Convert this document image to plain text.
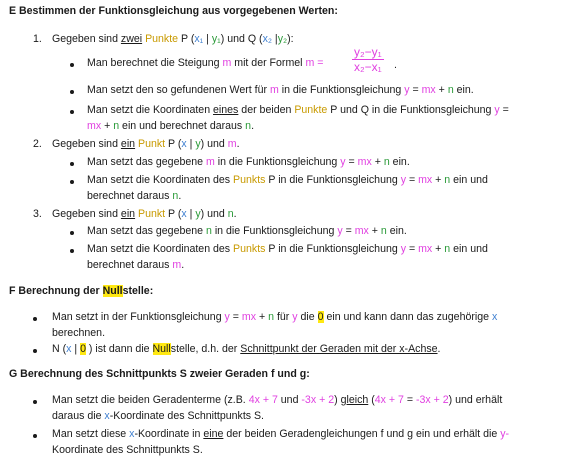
E Bestimmen der Funktionsgleichung aus vorgegebenen Werten:
1. Gegeben sind zwei Punkte P (x₁ | y₁) und Q (x₂ |y₂):
Man berechnet die Steigung m mit der Formel $m = \frac{\text{y₂−y₁}}{\text{x₂−x₁}}$ .
Man setzt den so gefundenen Wert für m in die Funktionsgleichung y = mx + n ein.
Man setzt die Koordinaten eines der beiden Punkte P und Q in die Funktionsgleichung y =
mx + n ein und berechnet daraus n.
2. Gegeben sind ein Punkt P (x | y) und m.
Man setzt das gegebene m in die Funktionsgleichung y = mx + n ein.
Man setzt die Koordinaten des Punkts P in die Funktionsgleichung y = mx + n ein und
berechnet daraus n.
3. Gegeben sind ein Punkt P (x | y) und n.
Man setzt das gegebene n in die Funktionsgleichung y = mx + n ein.
Man setzt die Koordinaten des Punkts P in die Funktionsgleichung y = mx + n ein und
berechnet daraus m.
F Berechnung der Nullstelle:
Man setzt in der Funktionsgleichung y = mx + n für y die 0 ein und kann dann das zugehörige x
berechnen.
N (x | 0 ) ist dann die Nullstelle, d.h. der Schnittpunkt der Geraden mit der x-Achse.
G Berechnung des Schnittpunkts S zweier Geraden f und g:
Man setzt die beiden Geradenterme (z.B. 4x + 7 und -3x + 2) gleich (4x + 7 = -3x + 2) und erhält
daraus die x-Koordinate des Schnittpunkts S.
Man setzt diese x-Koordinate in eine der beiden Geradengleichungen f und g ein und erhält die y-
Koordinate des Schnittpunkts S.
